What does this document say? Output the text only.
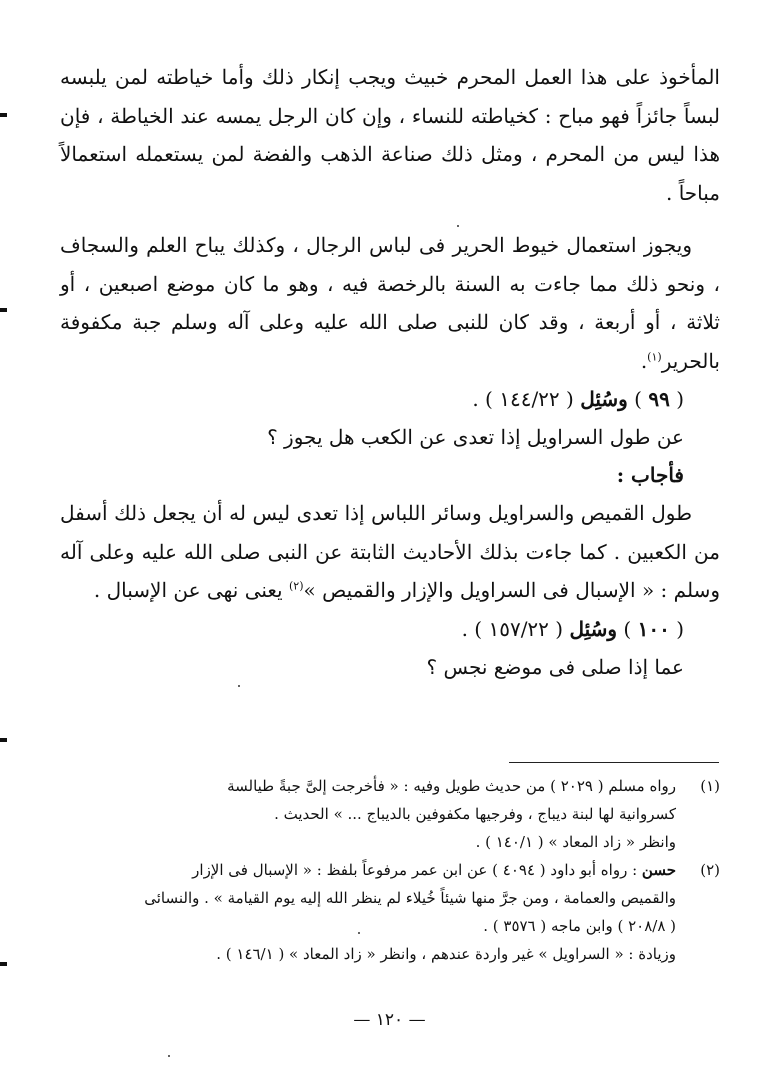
المأخوذ على هذا العمل المحرم خبيث ويجب إنكار ذلك وأما خياطته لمن يلبسه لبساً جائزاً فهو مباح : كخياطته للنساء ، وإن كان الرجل يمسه عند الخياطة ، فإن هذا ليس من المحرم ، ومثل ذلك صناعة الذهب والفضة لمن يستعمله استعمالاً مباحاً .

ويجوز استعمال خيوط الحرير فى لباس الرجال ، وكذلك يباح العلم والسجاف ، ونحو ذلك مما جاءت به السنة بالرخصة فيه ، وهو ما كان موضع اصبعين ، أو ثلاثة ، أو أربعة ، وقد كان للنبى صلى الله عليه وعلى آله وسلم جبة مكفوفة بالحرير$^{(١)}$.

( ٩٩ ) وسُئِل ( ١٤٤/٢٢ ) .

عن طول السراويل إذا تعدى عن الكعب هل يجوز ؟

فأجاب :

طول القميص والسراويل وسائر اللباس إذا تعدى ليس له أن يجعل ذلك أسفل من الكعبين . كما جاءت بذلك الأحاديث الثابتة عن النبى صلى الله عليه وعلى آله وسلم : « الإسبال فى السراويل والإزار والقميص »$^{(٢)}$ يعنى نهى عن الإسبال .

( ١٠٠ ) وسُئِل ( ١٥٧/٢٢ ) .

عما إذا صلى فى موضع نجس ؟

(١)
رواه مسلم ( ٢٠٢٩ ) من حديث طويل وفيه : « فأخرجت إلىَّ جبةً طيالسة
كسروانية لها لبنة ديباج ، وفرجيها مكفوفين بالديباج ... » الحديث .
وانظر « زاد المعاد » ( ١٤٠/١ ) .
(٢)
حسن : رواه أبو داود ( ٤٠٩٤ ) عن ابن عمر مرفوعاً بلفظ : « الإسبال فى الإزار
والقميص والعمامة ، ومن جرَّ منها شيئاً خُيلاء لم ينظر الله إليه يوم القيامة » . والنسائى
( ٢٠٨/٨ ) وابن ماجه ( ٣٥٧٦ ) .
وزيادة : « السراويل » غير واردة عندهم ، وانظر « زاد المعاد » ( ١٤٦/١ ) .
— ١٢٠ —
